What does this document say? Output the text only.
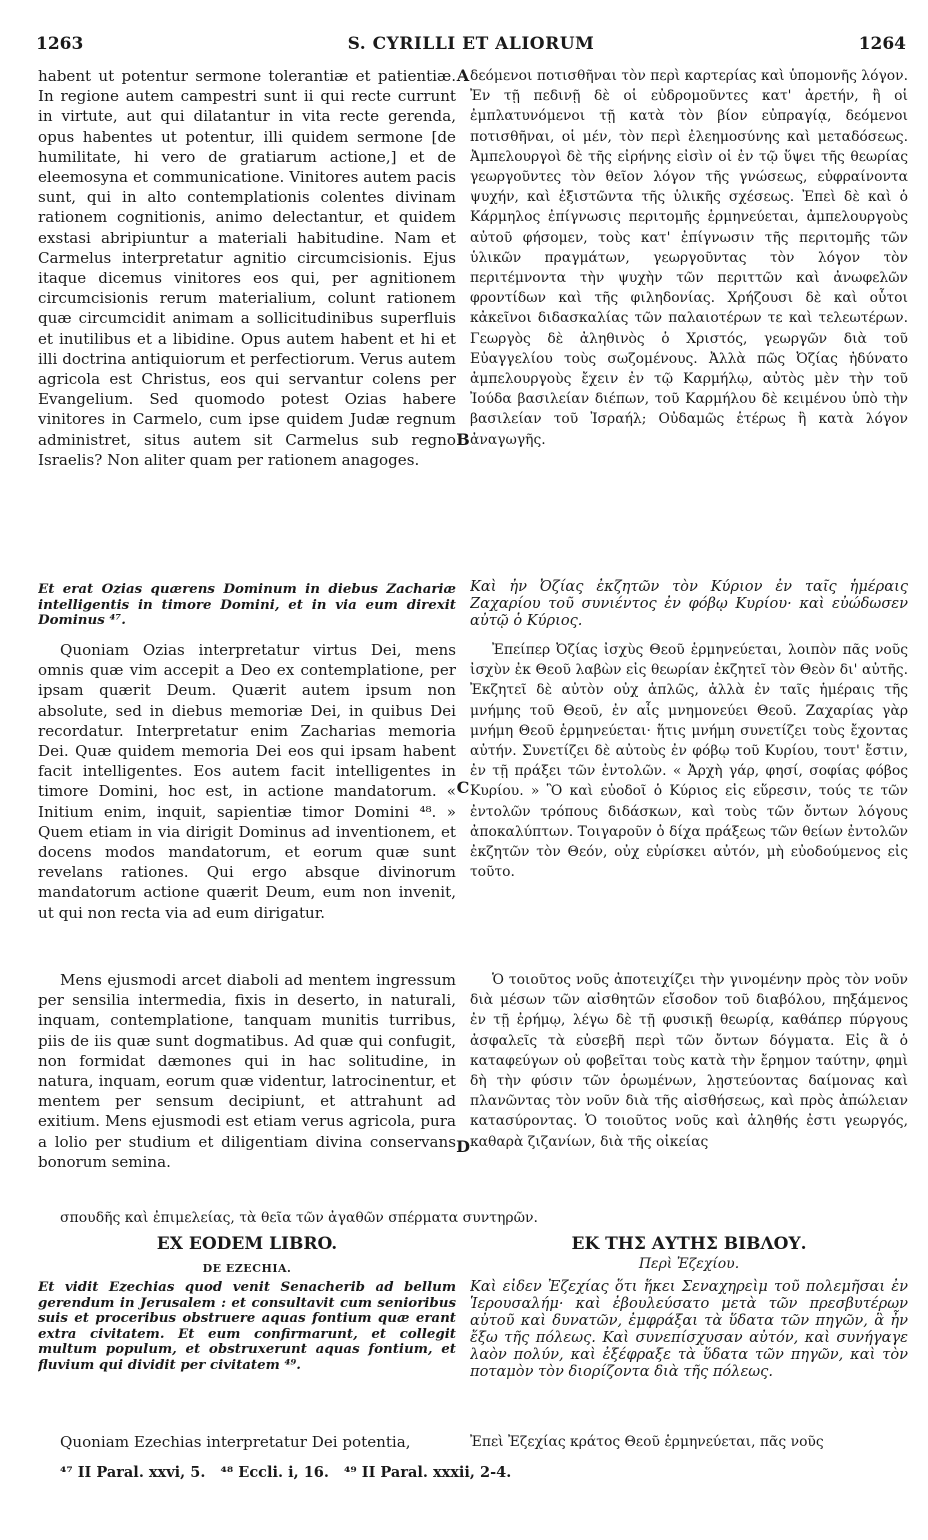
1263	S. CYRILLI ET ALIORUM	1264

habent ut potentur sermone tolerantiæ et patientiæ. In regione autem campestri sunt ii qui recte currunt in virtute, aut qui dilatantur in vita recte gerenda, opus habentes ut potentur, illi quidem sermone [de humilitate, hi vero de gratiarum actione,] et de eleemosyna et communicatione. Vinitores autem pacis sunt, qui in alto contemplationis colentes divinam rationem cognitionis, animo delectantur, et quidem exstasi abripiuntur a materiali habitudine. Nam et Carmelus interpretatur agnitio circumcisionis. Ejus itaque dicemus vinitores eos qui, per agnitionem circumcisionis rerum materialium, colunt rationem quæ circumcidit animam a sollicitudinibus superfluis et inutilibus et a libidine. Opus autem habent et hi et illi doctrina antiquiorum et perfectiorum. Verus autem agricola est Christus, eos qui servantur colens per Evangelium. Sed quomodo potest Ozias habere vinitores in Carmelo, cum ipse quidem Judæ regnum administret, situs autem sit Carmelus sub regno Israelis? Non aliter quam per rationem anagoges.

δεόμενοι ποτισθῆναι τὸν περὶ καρτερίας καὶ ὑπομονῆς λόγον. Ἐν τῇ πεδινῇ δὲ οἱ εὐδρομοῦντες κατ' ἀρετήν, ἢ οἱ ἐμπλατυνόμενοι τῇ κατὰ τὸν βίον εὐπραγίᾳ, δεόμενοι ποτισθῆναι, οἱ μέν, τὸν περὶ ἐλεημοσύνης καὶ μεταδόσεως. Ἀμπελουργοὶ δὲ τῆς εἰρήνης εἰσὶν οἱ ἐν τῷ ὕψει τῆς θεωρίας γεωργοῦντες τὸν θεῖον λόγον τῆς γνώσεως, εὐφραίνοντα ψυχήν, καὶ ἐξιστῶντα τῆς ὑλικῆς σχέσεως. Ἐπεὶ δὲ καὶ ὁ Κάρμηλος ἐπίγνωσις περιτομῆς ἑρμηνεύεται, ἀμπελουργοὺς αὐτοῦ φήσομεν, τοὺς κατ' ἐπίγνωσιν τῆς περιτομῆς τῶν ὑλικῶν πραγμάτων, γεωργοῦντας τὸν λόγον τὸν περιτέμνοντα τὴν ψυχὴν τῶν περιττῶν καὶ ἀνωφελῶν φροντίδων καὶ τῆς φιληδονίας. Χρήζουσι δὲ καὶ οὗτοι κἀκεῖνοι διδασκαλίας τῶν παλαιοτέρων τε καὶ τελεωτέρων. Γεωργὸς δὲ ἀληθινὸς ὁ Χριστός, γεωργῶν διὰ τοῦ Εὐαγγελίου τοὺς σωζομένους. Ἀλλὰ πῶς Ὀζίας ἠδύνατο ἀμπελουργοὺς ἔχειν ἐν τῷ Καρμήλῳ, αὐτὸς μὲν τὴν τοῦ Ἰούδα βασιλείαν διέπων, τοῦ Καρμήλου δὲ κειμένου ὑπὸ τὴν βασιλείαν τοῦ Ἰσραήλ; Οὐδαμῶς ἑτέρως ἢ κατὰ λόγον ἀναγωγῆς.

Et erat Ozias quærens Dominum in diebus Zachariæ intelligentis in timore Domini, et in via eum direxit Dominus ⁴⁷.

Καὶ ἦν Ὀζίας ἐκζητῶν τὸν Κύριον ἐν ταῖς ἡμέραις Ζαχαρίου τοῦ συνιέντος ἐν φόβῳ Κυρίου· καὶ εὐώδωσεν αὐτῷ ὁ Κύριος.

Quoniam Ozias interpretatur virtus Dei, mens omnis quæ vim accepit a Deo ex contemplatione, per ipsam quærit Deum. Quærit autem ipsum non absolute, sed in diebus memoriæ Dei, in quibus Dei recordatur. Interpretatur enim Zacharias memoria Dei. Quæ quidem memoria Dei eos qui ipsam habent facit intelligentes. Eos autem facit intelligentes in timore Domini, hoc est, in actione mandatorum. « Initium enim, inquit, sapientiæ timor Domini ⁴⁸. » Quem etiam in via dirigit Dominus ad inventionem, et docens modos mandatorum, et eorum quæ sunt revelans rationes. Qui ergo absque divinorum mandatorum actione quærit Deum, eum non invenit, ut qui non recta via ad eum dirigatur.

Ἐπείπερ Ὀζίας ἰσχὺς Θεοῦ ἑρμηνεύεται, λοιπὸν πᾶς νοῦς ἰσχὺν ἐκ Θεοῦ λαβὼν εἰς θεωρίαν ἐκζητεῖ τὸν Θεὸν δι' αὐτῆς. Ἐκζητεῖ δὲ αὐτὸν οὐχ ἁπλῶς, ἀλλὰ ἐν ταῖς ἡμέραις τῆς μνήμης τοῦ Θεοῦ, ἐν αἷς μνημονεύει Θεοῦ. Ζαχαρίας γὰρ μνήμη Θεοῦ ἑρμηνεύεται· ἥτις μνήμη συνετίζει τοὺς ἔχοντας αὐτήν. Συνετίζει δὲ αὐτοὺς ἐν φόβῳ τοῦ Κυρίου, τουτ' ἔστιν, ἐν τῇ πράξει τῶν ἐντολῶν. « Ἀρχὴ γάρ, φησί, σοφίας φόβος Κυρίου. » Ὃ καὶ εὐοδοῖ ὁ Κύριος εἰς εὕρεσιν, τούς τε τῶν ἐντολῶν τρόπους διδάσκων, καὶ τοὺς τῶν ὄντων λόγους ἀποκαλύπτων. Τοιγαροῦν ὁ δίχα πράξεως τῶν θείων ἐντολῶν ἐκζητῶν τὸν Θεόν, οὐχ εὑρίσκει αὐτόν, μὴ εὐοδούμενος εἰς τοῦτο.

Mens ejusmodi arcet diaboli ad mentem ingressum per sensilia intermedia, fixis in deserto, in naturali, inquam, contemplatione, tanquam munitis turribus, piis de iis quæ sunt dogmatibus. Ad quæ qui confugit, non formidat dæmones qui in hac solitudine, in natura, inquam, eorum quæ videntur, latrocinentur, et mentem per sensum decipiunt, et attrahunt ad exitium. Mens ejusmodi est etiam verus agricola, pura a lolio per studium et diligentiam divina conservans bonorum semina.

Ὁ τοιοῦτος νοῦς ἀποτειχίζει τὴν γινομένην πρὸς τὸν νοῦν διὰ μέσων τῶν αἰσθητῶν εἴσοδον τοῦ διαβόλου, πηξάμενος ἐν τῇ ἐρήμῳ, λέγω δὲ τῇ φυσικῇ θεωρίᾳ, καθάπερ πύργους ἀσφαλεῖς τὰ εὐσεβῆ περὶ τῶν ὄντων δόγματα. Εἰς ἃ ὁ καταφεύγων οὐ φοβεῖται τοὺς κατὰ τὴν ἔρημον ταύτην, φημὶ δὴ τὴν φύσιν τῶν ὁρωμένων, λῃστεύοντας δαίμονας καὶ πλανῶντας τὸν νοῦν διὰ τῆς αἰσθήσεως, καὶ πρὸς ἀπώλειαν κατασύροντας. Ὁ τοιοῦτος νοῦς καὶ ἀληθής ἐστι γεωργός, καθαρὰ ζιζανίων, διὰ τῆς οἰκείας

A
B
C
D
σπουδῆς καὶ ἐπιμελείας, τὰ θεῖα τῶν ἀγαθῶν σπέρματα συντηρῶν.
EX EODEM LIBRO.
DE EZECHIA.

Et vidit Ezechias quod venit Senacherib ad bellum gerendum in Jerusalem : et consultavit cum senioribus suis et proceribus obstruere aquas fontium quæ erant extra civitatem. Et eum confirmarunt, et collegit multum populum, et obstruxerunt aquas fontium, et fluvium qui dividit per civitatem ⁴⁹.

Quoniam Ezechias interpretatur Dei potentia,

ΕΚ ΤΗΣ ΑΥΤΗΣ ΒΙΒΛΟΥ.
Περὶ Ἐζεχίου.

Καὶ εἶδεν Ἐζεχίας ὅτι ἥκει Σεναχηρεὶμ τοῦ πολεμῆσαι ἐν Ἱερουσαλήμ· καὶ ἐβουλεύσατο μετὰ τῶν πρεσβυτέρων αὐτοῦ καὶ δυνατῶν, ἐμφράξαι τὰ ὕδατα τῶν πηγῶν, ἃ ἦν ἔξω τῆς πόλεως. Καὶ συνεπίσχυσαν αὐτόν, καὶ συνήγαγε λαὸν πολύν, καὶ ἐξέφραξε τὰ ὕδατα τῶν πηγῶν, καὶ τὸν ποταμὸν τὸν διορίζοντα διὰ τῆς πόλεως.

Ἐπεὶ Ἐζεχίας κράτος Θεοῦ ἑρμηνεύεται, πᾶς νοῦς

⁴⁷ II Paral. xxvi, 5.   ⁴⁸ Eccli. i, 16.   ⁴⁹ II Paral. xxxii, 2-4.
